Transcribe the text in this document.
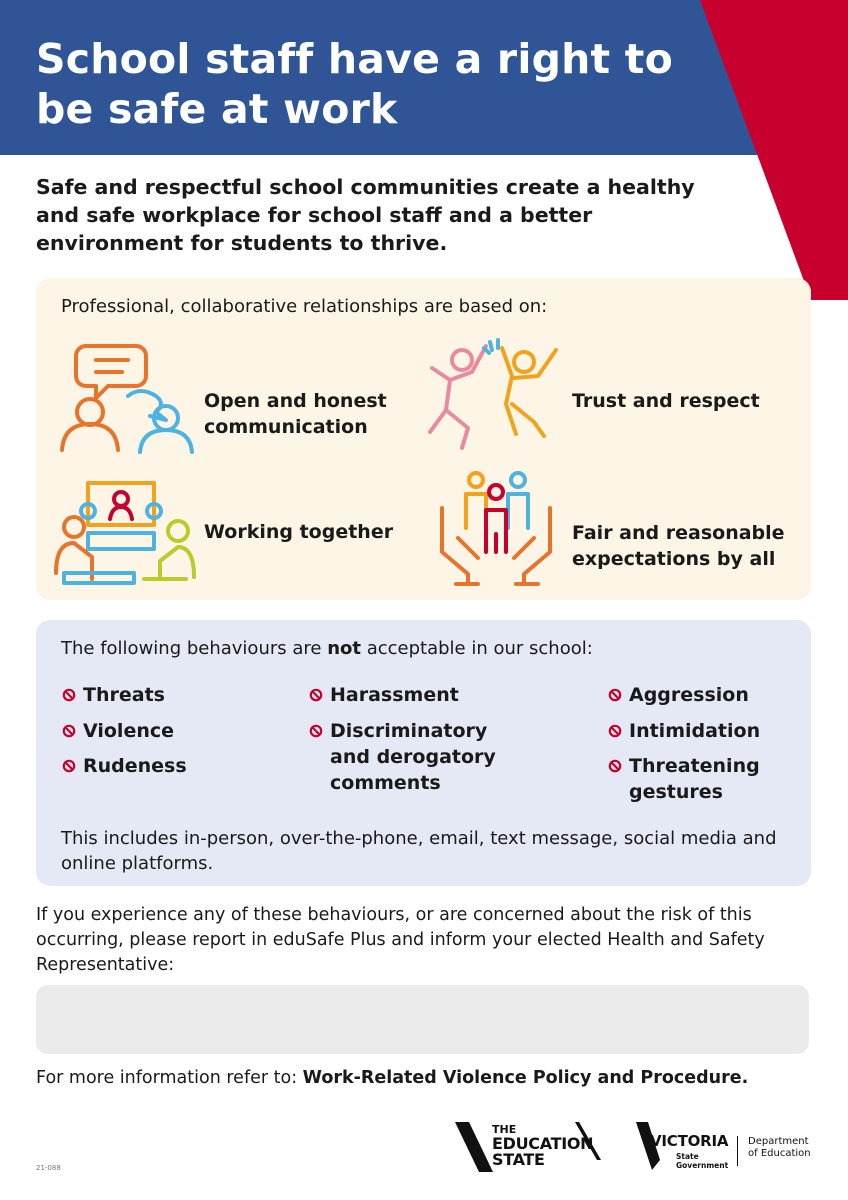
School staff have a right to be safe at work
Safe and respectful school communities create a healthy and safe workplace for school staff and a better environment for students to thrive.
Professional, collaborative relationships are based on:
Open and honest
communication
Trust and respect
Working together	Fair and reasonable
expectations by all
The following behaviours are not acceptable in our school:
Threats
Violence
Rudeness
Harassment
Discriminatory and derogatory comments
Aggression
Intimidation
Threatening gestures
This includes in-person, over-the-phone, email, text message, social media and online platforms.
If you experience any of these behaviours, or are concerned about the risk of this occurring, please report in eduSafe Plus and inform your elected Health and Safety Representative:
For more information refer to: Work-Related Violence Policy and Procedure.
21-088
THE
EDUCATION
STATE
VICTORIA
State
Government
Department
of Education
